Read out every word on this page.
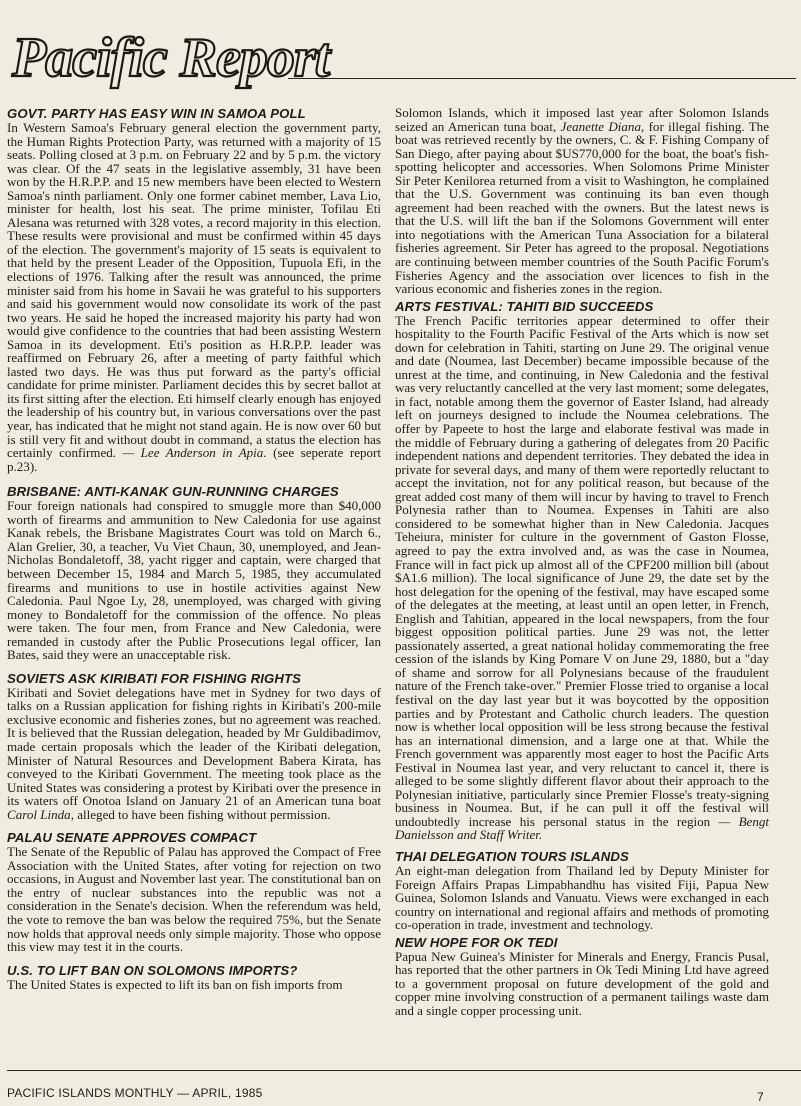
Pacific Report
GOVT. PARTY HAS EASY WIN IN SAMOA POLL

In Western Samoa's February general election the government party, the Human Rights Protection Party, was returned with a majority of 15 seats. Polling closed at 3 p.m. on February 22 and by 5 p.m. the victory was clear. Of the 47 seats in the legislative assembly, 31 have been won by the H.R.P.P. and 15 new members have been elected to Western Samoa's ninth parliament. Only one former cabinet member, Lava Lio, minister for health, lost his seat. The prime minister, Tofilau Eti Alesana was returned with 328 votes, a record majority in this election. These results were provisional and must be confirmed within 45 days of the election. The government's majority of 15 seats is equivalent to that held by the present Leader of the Opposition, Tupuola Efi, in the elections of 1976. Talking after the result was announced, the prime minister said from his home in Savaii he was grateful to his supporters and said his government would now consolidate its work of the past two years. He said he hoped the increased majority his party had won would give confidence to the countries that had been assisting Western Samoa in its development. Eti's position as H.R.P.P. leader was reaffirmed on February 26, after a meeting of party faithful which lasted two days. He was thus put forward as the party's official candidate for prime minister. Parliament decides this by secret ballot at its first sitting after the election. Eti himself clearly enough has enjoyed the leadership of his country but, in various conversations over the past year, has indicated that he might not stand again. He is now over 60 but is still very fit and without doubt in command, a status the election has certainly confirmed. — Lee Anderson in Apia. (see seperate report p.23).

BRISBANE: ANTI-KANAK GUN-RUNNING CHARGES

Four foreign nationals had conspired to smuggle more than $40,000 worth of firearms and ammunition to New Caledonia for use against Kanak rebels, the Brisbane Magistrates Court was told on March 6., Alan Grelier, 30, a teacher, Vu Viet Chaun, 30, unemployed, and Jean-Nicholas Bondaletoff, 38, yacht rigger and captain, were charged that between December 15, 1984 and March 5, 1985, they accumulated firearms and munitions to use in hostile activities against New Caledonia. Paul Ngoe Ly, 28, unemployed, was charged with giving money to Bondaletoff for the commission of the offence. No pleas were taken. The four men, from France and New Caledonia, were remanded in custody after the Public Prosecutions legal officer, Ian Bates, said they were an unacceptable risk.

SOVIETS ASK KIRIBATI FOR FISHING RIGHTS

Kiribati and Soviet delegations have met in Sydney for two days of talks on a Russian application for fishing rights in Kiribati's 200-mile exclusive economic and fisheries zones, but no agreement was reached. It is believed that the Russian delegation, headed by Mr Guldibadimov, made certain proposals which the leader of the Kiribati delegation, Minister of Natural Resources and Development Babera Kirata, has conveyed to the Kiribati Government. The meeting took place as the United States was considering a protest by Kiribati over the presence in its waters off Onotoa Island on January 21 of an American tuna boat Carol Linda, alleged to have been fishing without permission.

PALAU SENATE APPROVES COMPACT

The Senate of the Republic of Palau has approved the Compact of Free Association with the United States, after voting for rejection on two occasions, in August and November last year. The constitutional ban on the entry of nuclear substances into the republic was not a consideration in the Senate's decision. When the referendum was held, the vote to remove the ban was below the required 75%, but the Senate now holds that approval needs only simple majority. Those who oppose this view may test it in the courts.

U.S. TO LIFT BAN ON SOLOMONS IMPORTS?

The United States is expected to lift its ban on fish imports from

Solomon Islands, which it imposed last year after Solomon Islands seized an American tuna boat, Jeanette Diana, for illegal fishing. The boat was retrieved recently by the owners, C. & F. Fishing Company of San Diego, after paying about $US770,000 for the boat, the boat's fish-spotting helicopter and accessories. When Solomons Prime Minister Sir Peter Kenilorea returned from a visit to Washington, he complained that the U.S. Government was continuing its ban even though agreement had been reached with the owners. But the latest news is that the U.S. will lift the ban if the Solomons Government will enter into negotiations with the American Tuna Association for a bilateral fisheries agreement. Sir Peter has agreed to the proposal. Negotiations are continuing between member countries of the South Pacific Forum's Fisheries Agency and the association over licences to fish in the various economic and fisheries zones in the region.

ARTS FESTIVAL: TAHITI BID SUCCEEDS

The French Pacific territories appear determined to offer their hospitality to the Fourth Pacific Festival of the Arts which is now set down for celebration in Tahiti, starting on June 29. The original venue and date (Noumea, last December) became impossible because of the unrest at the time, and continuing, in New Caledonia and the festival was very reluctantly cancelled at the very last moment; some delegates, in fact, notable among them the governor of Easter Island, had already left on journeys designed to include the Noumea celebrations. The offer by Papeete to host the large and elaborate festival was made in the middle of February during a gathering of delegates from 20 Pacific independent nations and dependent territories. They debated the idea in private for several days, and many of them were reportedly reluctant to accept the invitation, not for any political reason, but because of the great added cost many of them will incur by having to travel to French Polynesia rather than to Noumea. Expenses in Tahiti are also considered to be somewhat higher than in New Caledonia. Jacques Teheiura, minister for culture in the government of Gaston Flosse, agreed to pay the extra involved and, as was the case in Noumea, France will in fact pick up almost all of the CPF200 million bill (about $A1.6 million). The local significance of June 29, the date set by the host delegation for the opening of the festival, may have escaped some of the delegates at the meeting, at least until an open letter, in French, English and Tahitian, appeared in the local newspapers, from the four biggest opposition political parties. June 29 was not, the letter passionately asserted, a great national holiday commemorating the free cession of the islands by King Pomare V on June 29, 1880, but a "day of shame and sorrow for all Polynesians because of the fraudulent nature of the French take-over." Premier Flosse tried to organise a local festival on the day last year but it was boycotted by the opposition parties and by Protestant and Catholic church leaders. The question now is whether local opposition will be less strong because the festival has an international dimension, and a large one at that. While the French government was apparently most eager to host the Pacific Arts Festival in Noumea last year, and very reluctant to cancel it, there is alleged to be some slightly different flavor about their approach to the Polynesian initiative, particularly since Premier Flosse's treaty-signing business in Noumea. But, if he can pull it off the festival will undoubtedly increase his personal status in the region — Bengt Danielsson and Staff Writer.

THAI DELEGATION TOURS ISLANDS

An eight-man delegation from Thailand led by Deputy Minister for Foreign Affairs Prapas Limpabhandhu has visited Fiji, Papua New Guinea, Solomon Islands and Vanuatu. Views were exchanged in each country on international and regional affairs and methods of promoting co-operation in trade, investment and technology.

NEW HOPE FOR OK TEDI

Papua New Guinea's Minister for Minerals and Energy, Francis Pusal, has reported that the other partners in Ok Tedi Mining Ltd have agreed to a government proposal on future development of the gold and copper mine involving construction of a permanent tailings waste dam and a single copper processing unit.

PACIFIC ISLANDS MONTHLY — APRIL, 1985	7
